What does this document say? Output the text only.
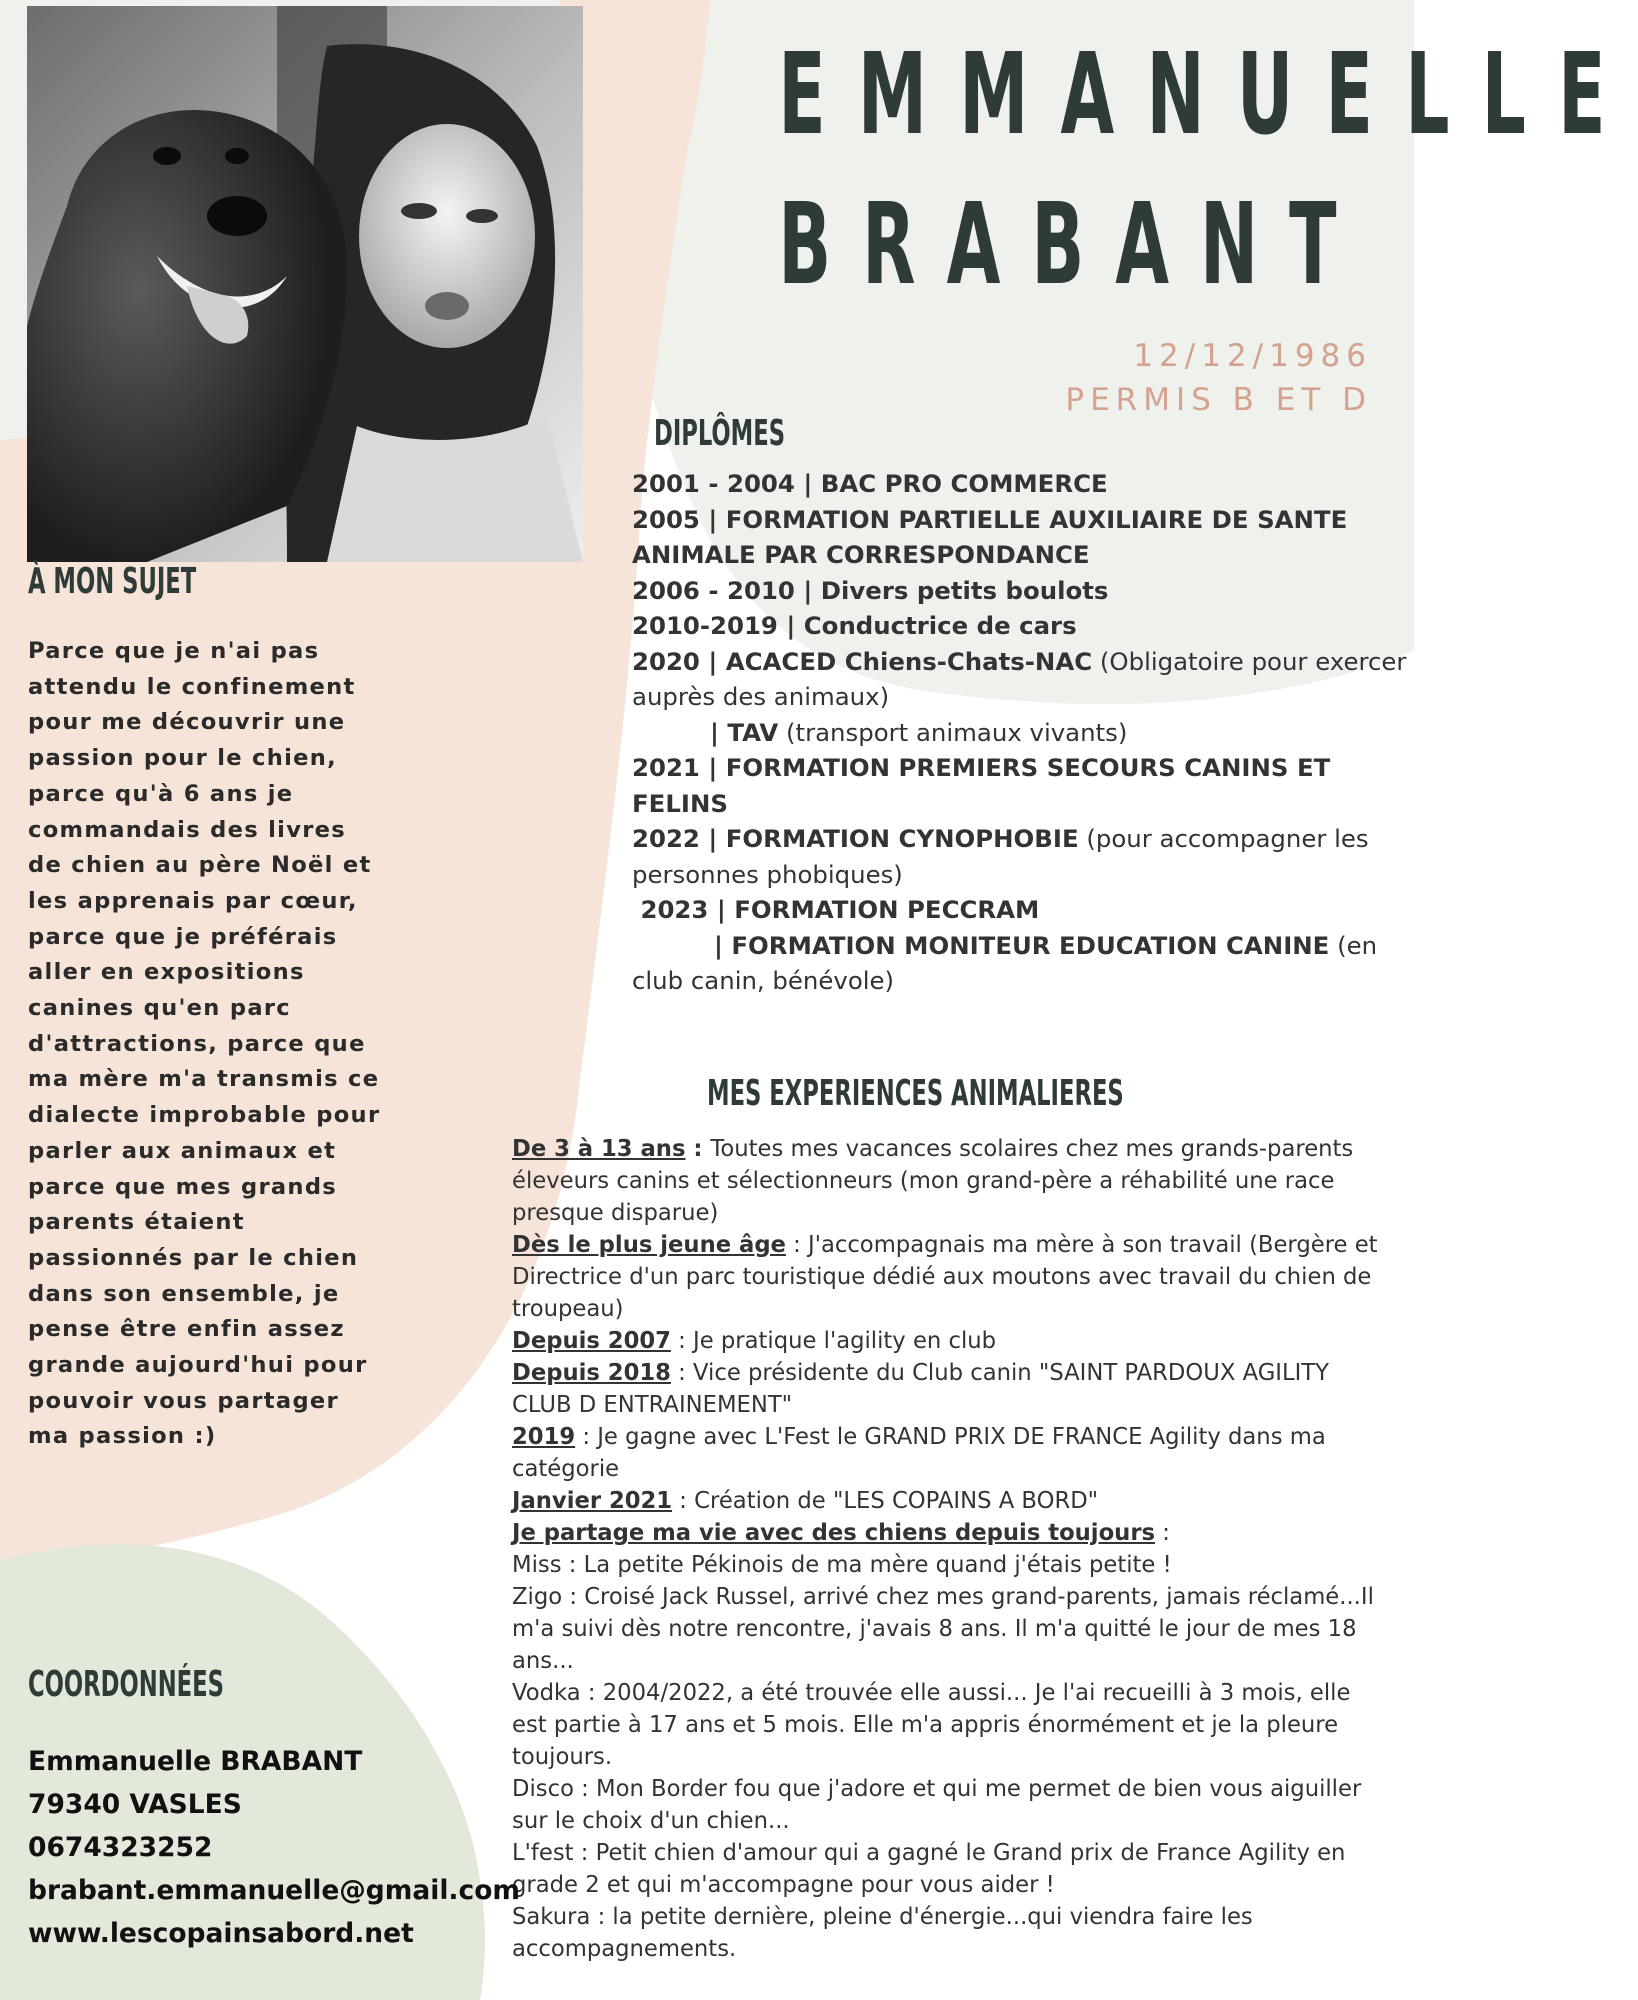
EMMANUELLE
BRABANT
12/12/1986
PERMIS B ET D
DIPLÔMES

2001 - 2004 | BAC PRO COMMERCE

2005 | FORMATION PARTIELLE AUXILIAIRE DE SANTE ANIMALE PAR CORRESPONDANCE

2006 - 2010 | Divers petits boulots

2010-2019 | Conductrice de cars

2020 | ACACED Chiens-Chats-NAC (Obligatoire pour exercer auprès des animaux)

| TAV (transport animaux vivants)

2021 | FORMATION PREMIERS SECOURS CANINS ET FELINS

2022 | FORMATION CYNOPHOBIE (pour accompagner les personnes phobiques)

2023 | FORMATION PECCRAM

| FORMATION MONITEUR EDUCATION CANINE (en club canin, bénévole)

À MON SUJET
Parce que je n'ai pas attendu le confinement pour me découvrir une passion pour le chien, parce qu'à 6 ans je commandais des livres de chien au père Noël et les apprenais par cœur, parce que je préférais aller en expositions canines qu'en parc d'attractions, parce que ma mère m'a transmis ce dialecte improbable pour parler aux animaux et parce que mes grands parents étaient passionnés par le chien dans son ensemble, je pense être enfin assez grande aujourd'hui pour pouvoir vous partager ma passion :)
MES EXPERIENCES ANIMALIERES

De 3 à 13 ans : Toutes mes vacances scolaires chez mes grands-parents éleveurs canins et sélectionneurs (mon grand-père a réhabilité une race presque disparue)

Dès le plus jeune âge : J'accompagnais ma mère à son travail (Bergère et Directrice d'un parc touristique dédié aux moutons avec travail du chien de troupeau)

Depuis 2007 : Je pratique l'agility en club

Depuis 2018 : Vice présidente du Club canin "SAINT PARDOUX AGILITY CLUB D ENTRAINEMENT"

2019 : Je gagne avec L'Fest le GRAND PRIX DE FRANCE Agility dans ma catégorie

Janvier 2021 : Création de "LES COPAINS A BORD"

Je partage ma vie avec des chiens depuis toujours :

Miss : La petite Pékinois de ma mère quand j'étais petite !

Zigo : Croisé Jack Russel, arrivé chez mes grand-parents, jamais réclamé...Il m'a suivi dès notre rencontre, j'avais 8 ans. Il m'a quitté le jour de mes 18 ans...

Vodka : 2004/2022, a été trouvée elle aussi... Je l'ai recueilli à 3 mois, elle est partie à 17 ans et 5 mois. Elle m'a appris énormément et je la pleure toujours.

Disco : Mon Border fou que j'adore et qui me permet de bien vous aiguiller sur le choix d'un chien...

L'fest : Petit chien d'amour qui a gagné le Grand prix de France Agility en grade 2 et qui m'accompagne pour vous aider !

Sakura : la petite dernière, pleine d'énergie...qui viendra faire les accompagnements.

COORDONNÉES
Emmanuelle BRABANT
79340 VASLES
0674323252
brabant.emmanuelle@gmail.com
www.lescopainsabord.net
